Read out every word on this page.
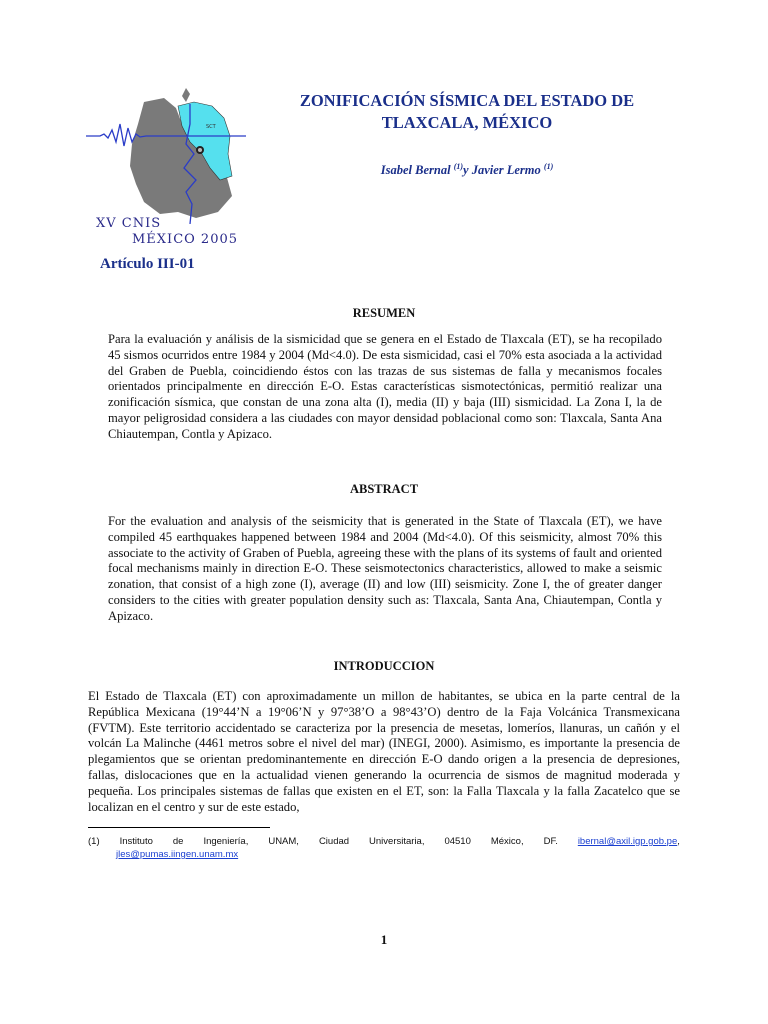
SCT
XV CNIS
MÉXICO 2005
Artículo III-01
ZONIFICACIÓN SÍSMICA DEL ESTADO DE
TLAXCALA, MÉXICO
Isabel Bernal $^{(1)}$y Javier Lermo $^{(1)}$
RESUMEN
Para la evaluación y análisis de la sismicidad que se genera en el Estado de Tlaxcala (ET), se ha recopilado 45 sismos ocurridos entre 1984 y 2004 (Md<4.0). De esta sismicidad, casi el 70% esta asociada a la actividad del Graben de Puebla, coincidiendo éstos con las trazas de sus sistemas de falla y mecanismos focales orientados principalmente en dirección E-O. Estas características sismotectónicas, permitió realizar una zonificación sísmica, que constan de una zona alta (I), media (II) y baja (III) sismicidad. La Zona I, la de mayor peligrosidad considera a las ciudades con mayor densidad poblacional como son: Tlaxcala, Santa Ana Chiautempan, Contla y Apizaco.
ABSTRACT
For the evaluation and analysis of the seismicity that is generated in the State of Tlaxcala (ET), we have compiled 45 earthquakes happened between 1984 and 2004 (Md<4.0). Of this seismicity, almost 70% this associate to the activity of Graben of Puebla, agreeing these with the plans of its systems of fault and oriented focal mechanisms mainly in direction E-O. These seismotectonics characteristics, allowed to make a seismic zonation, that consist of a high zone (I), average (II) and low (III) seismicity. Zone I, the of greater danger considers to the cities with greater population density such as: Tlaxcala, Santa Ana, Chiautempan, Contla y Apizaco.
INTRODUCCION
El Estado de Tlaxcala (ET) con aproximadamente un millon de habitantes, se ubica en la parte central de la República Mexicana (19°44’N a 19°06’N y 97°38’O a 98°43’O) dentro de la Faja Volcánica Transmexicana (FVTM). Este territorio accidentado se caracteriza por la presencia de mesetas, lomeríos, llanuras, un cañón y el volcán La Malinche (4461 metros sobre el nivel del mar) (INEGI, 2000). Asimismo, es importante la presencia de plegamientos que se orientan predominantemente en dirección E-O dando origen a la presencia de depresiones, fallas, dislocaciones que en la actualidad vienen generando la ocurrencia de sismos de magnitud moderada y pequeña. Los principales sistemas de fallas que existen en el ET, son: la Falla Tlaxcala y la falla Zacatelco que se localizan en el centro y sur de este estado,
(1) Instituto de Ingeniería, UNAM, Ciudad Universitaria, 04510 México, DF. ibernal@axil.igp.gob.pe,
jles@pumas.iingen.unam.mx
1
